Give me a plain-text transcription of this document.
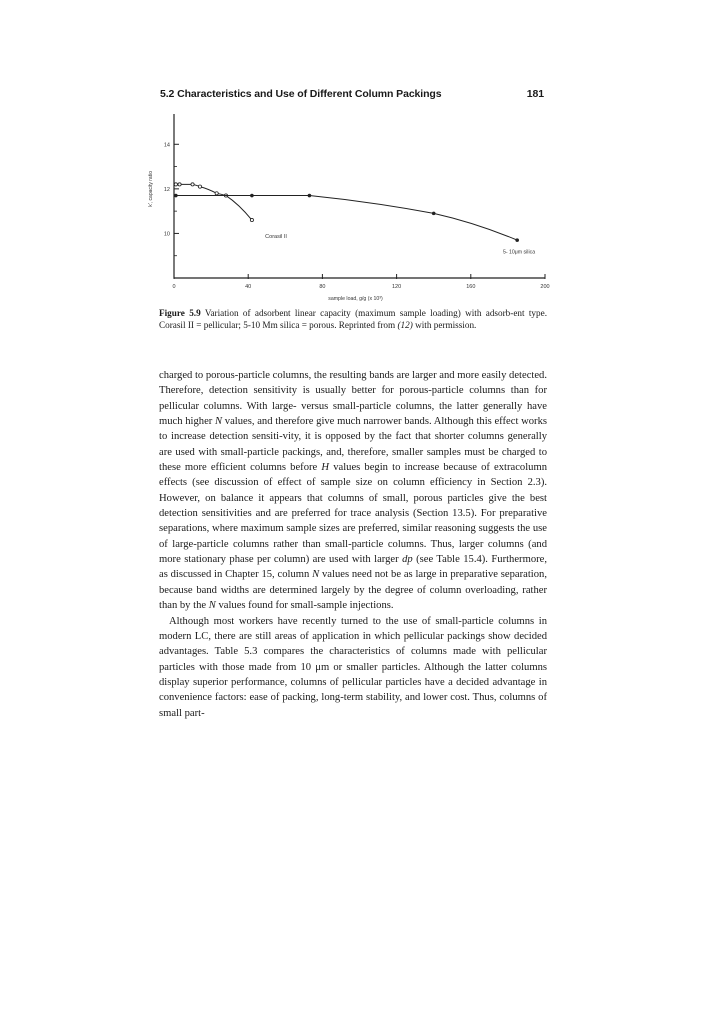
5.2 Characteristics and Use of Different Column Packings	181
0	40	80	120	160	200
10
12
14
sample load, g/g (x 10³)
k', capacity ratio
Corasil II
5- 10μm silica
Figure 5.9 Variation of adsorbent linear capacity (maximum sample loading) with adsorb-ent type. Corasil II = pellicular; 5-10 Mm silica = porous. Reprinted from (12) with permission.

charged to porous-particle columns, the resulting bands are larger and more easily detected. Therefore, detection sensitivity is usually better for porous-particle columns than for pellicular columns. With large- versus small-particle columns, the latter generally have much higher N values, and therefore give much narrower bands. Although this effect works to increase detection sensiti-vity, it is opposed by the fact that shorter columns generally are used with small-particle packings, and, therefore, smaller samples must be charged to these more efficient columns before H values begin to increase because of extracolumn effects (see discussion of effect of sample size on column efficiency in Section 2.3). However, on balance it appears that columns of small, porous particles give the best detection sensitivities and are preferred for trace analysis (Section 13.5). For preparative separations, where maximum sample sizes are preferred, similar reasoning suggests the use of large-particle columns rather than small-particle columns. Thus, larger columns (and more stationary phase per column) are used with larger dp (see Table 15.4). Furthermore, as discussed in Chapter 15, column N values need not be as large in preparative separation, because band widths are determined largely by the degree of column overloading, rather than by the N values found for small-sample injections.

Although most workers have recently turned to the use of small-particle columns in modern LC, there are still areas of application in which pellicular packings show decided advantages. Table 5.3 compares the characteristics of columns made with pellicular particles with those made from 10 μm or smaller particles. Although the latter columns display superior performance, columns of pellicular particles have a decided advantage in convenience factors: ease of packing, long-term stability, and lower cost. Thus, columns of small part-
